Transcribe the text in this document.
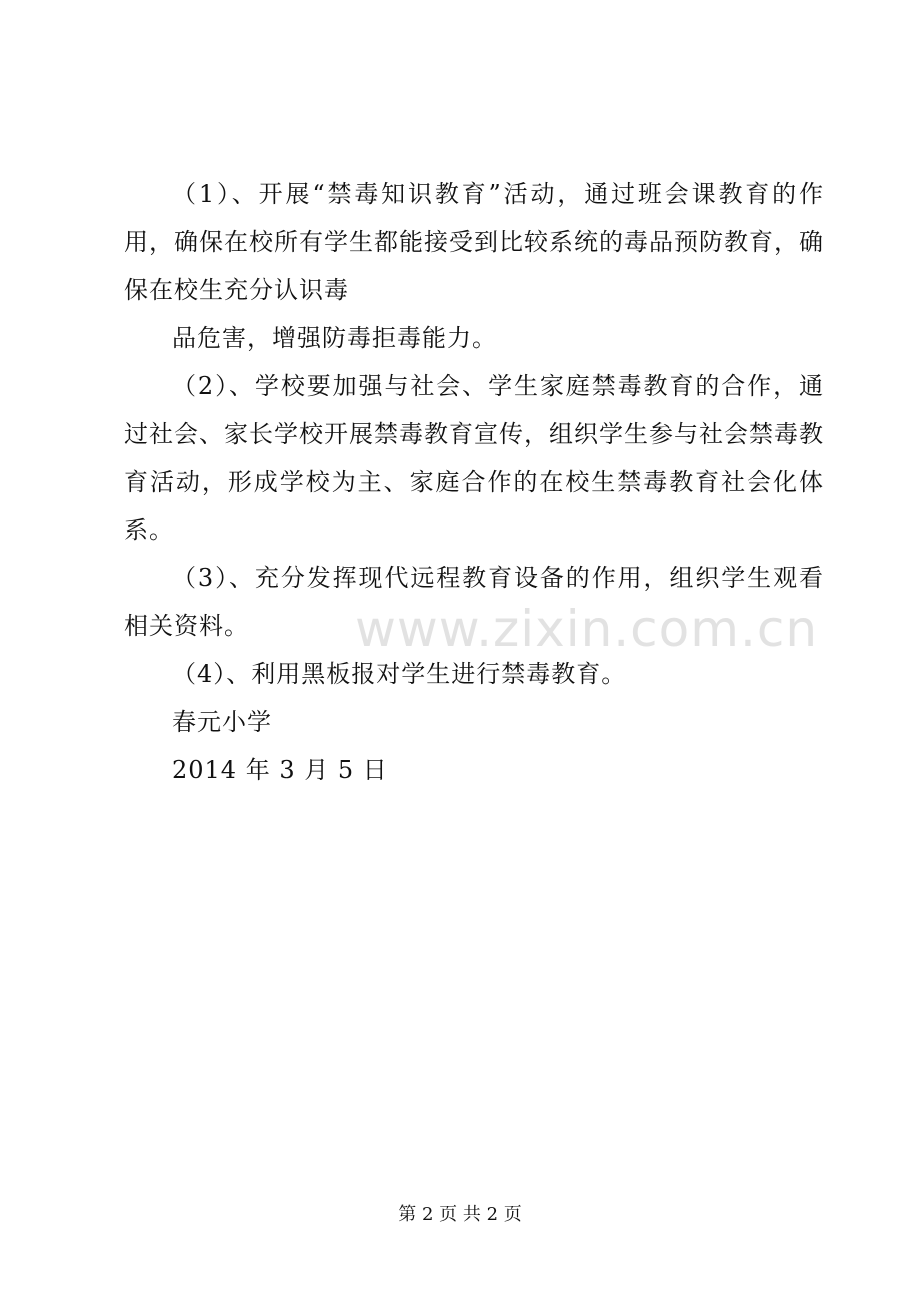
www.zixin.com.cn

（1）、开展“禁毒知识教育”活动，通过班会课教育的作用，确保在校所有学生都能接受到比较系统的毒品预防教育，确保在校生充分认识毒

品危害，增强防毒拒毒能力。

（2）、学校要加强与社会、学生家庭禁毒教育的合作，通过社会、家长学校开展禁毒教育宣传，组织学生参与社会禁毒教育活动，形成学校为主、家庭合作的在校生禁毒教育社会化体系。

（3）、充分发挥现代远程教育设备的作用，组织学生观看相关资料。

（4）、利用黑板报对学生进行禁毒教育。

春元小学

2014 年 3 月 5 日

第 2 页 共 2 页
